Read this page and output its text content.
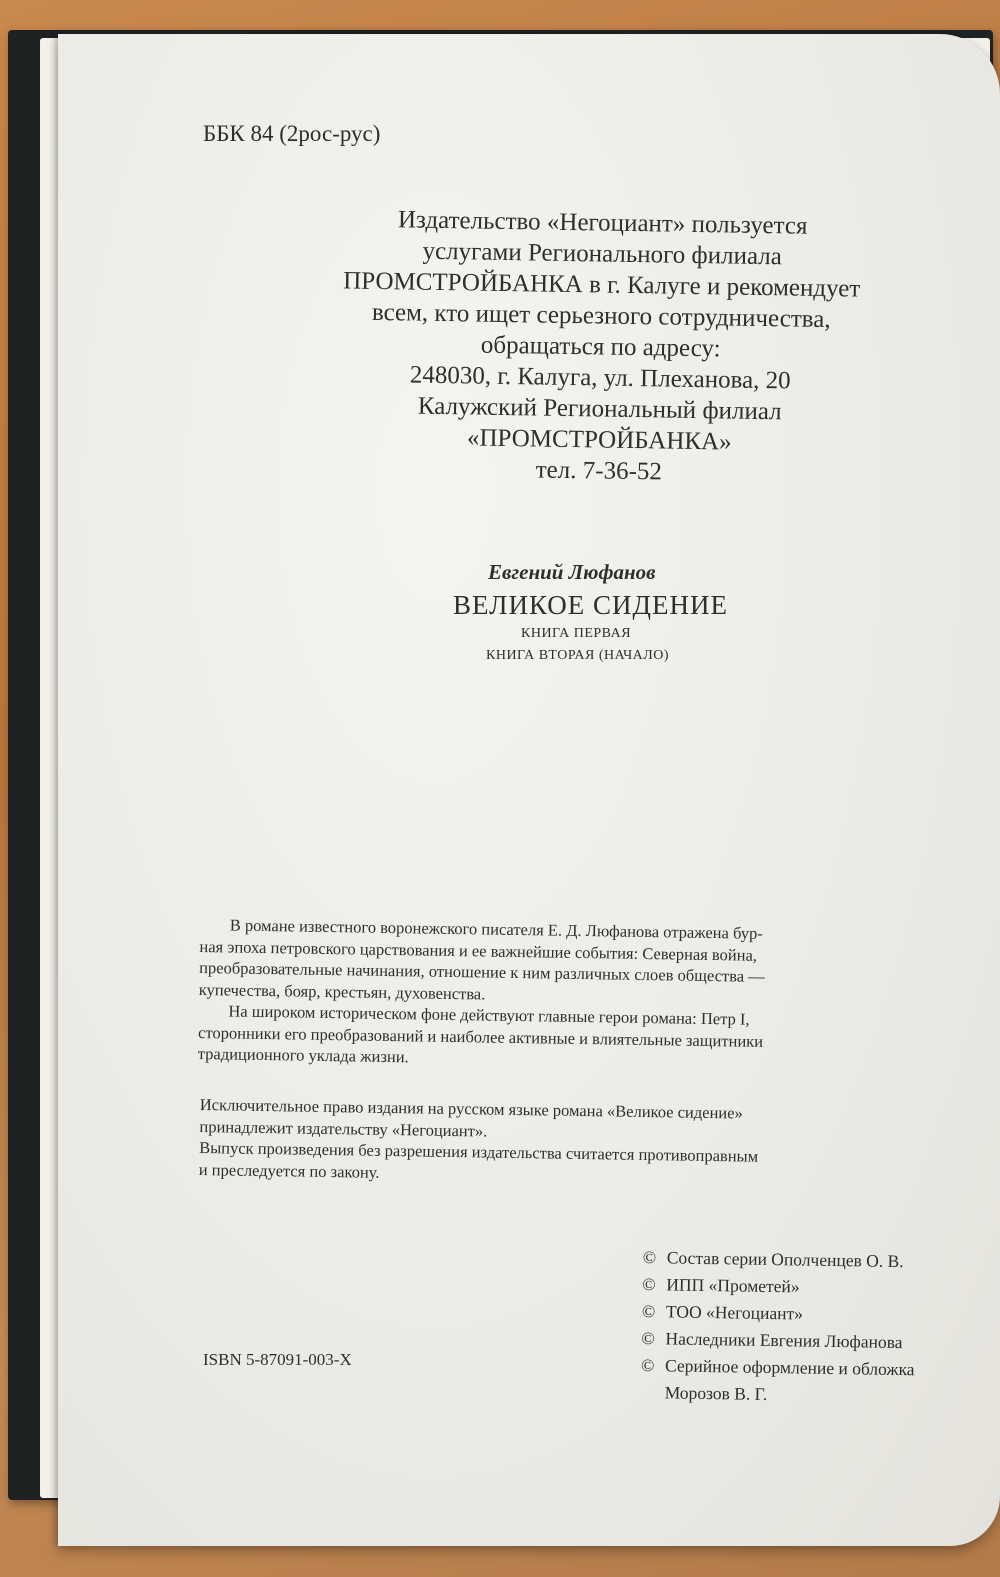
ББК 84 (2рос-рус)
Издательство «Негоциант» пользуется
услугами Регионального филиала
ПРОМСТРОЙБАНКА в г. Калуге и рекомендует
всем, кто ищет серьезного сотрудничества,
обращаться по адресу:
248030, г. Калуга, ул. Плеханова, 20
Калужский Региональный филиал
«ПРОМСТРОЙБАНКА»
тел. 7-36-52
Евгений Люфанов
ВЕЛИКОЕ СИДЕНИЕ
КНИГА ПЕРВАЯ
КНИГА ВТОРАЯ (НАЧАЛО)
В романе известного воронежского писателя Е. Д. Люфанова отражена бур-
ная эпоха петровского царствования и ее важнейшие события: Северная война,
преобразовательные начинания, отношение к ним различных слоев общества —
купечества, бояр, крестьян, духовенства.
На широком историческом фоне действуют главные герои романа: Петр I,
сторонники его преобразований и наиболее активные и влиятельные защитники
традиционного уклада жизни.
Исключительное право издания на русском языке романа «Великое сидение»
принадлежит издательству «Негоциант».
Выпуск произведения без разрешения издательства считается противоправным
и преследуется по закону.
ISBN 5-87091-003-X
© Состав серии Ополченцев О. В.
© ИПП «Прометей»
© ТОО «Негоциант»
© Наследники Евгения Люфанова
© Серийное оформление и обложка
Морозов В. Г.
